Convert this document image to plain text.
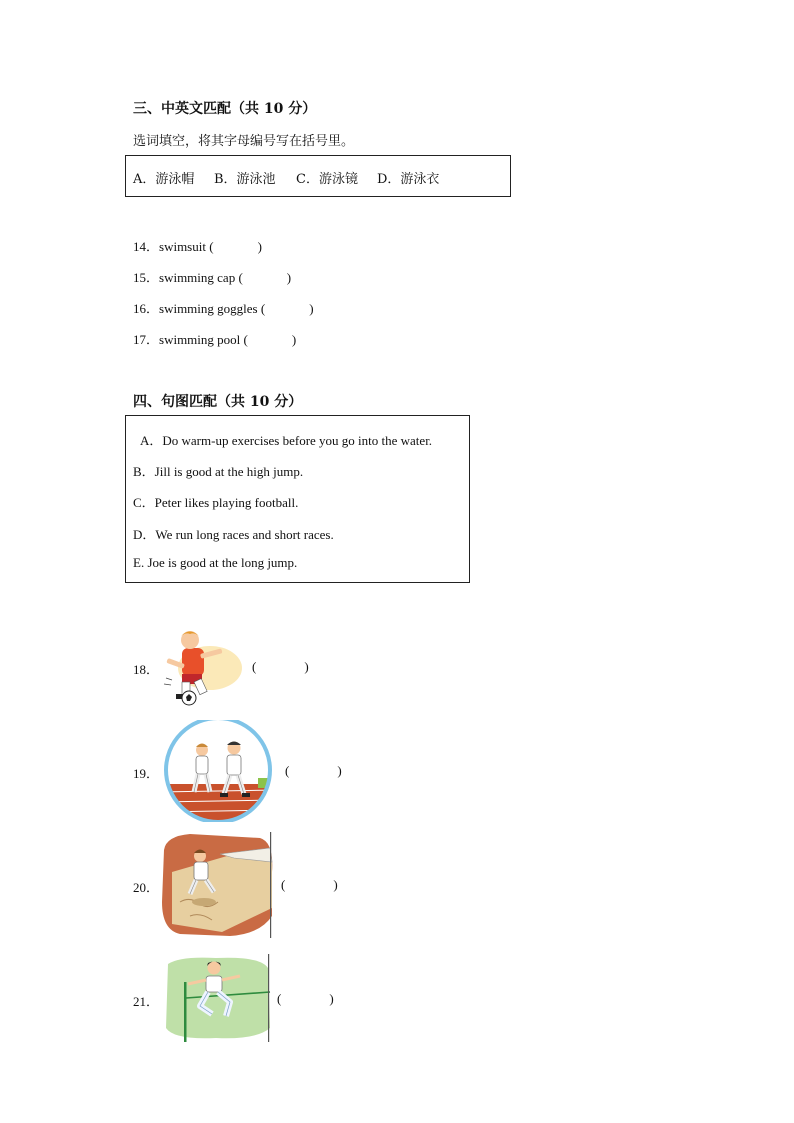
三、中英文匹配（共 10 分）
选词填空，将其字母编号写在括号里。
A．游泳帽 B．游泳池 C．游泳镜 D．游泳衣
14．swimsuit (	)
15．swimming cap (	)
16．swimming goggles (	)
17．swimming pool (	)
四、句图匹配（共 10 分）
A．Do warm-up exercises before you go into the water.
B．Jill is good at the high jump.
C．Peter likes playing football.
D．We run long races and short races.
E. Joe is good at the long jump.
18．	(	)
19．	(	)
20．	(	)
21．	(	)
